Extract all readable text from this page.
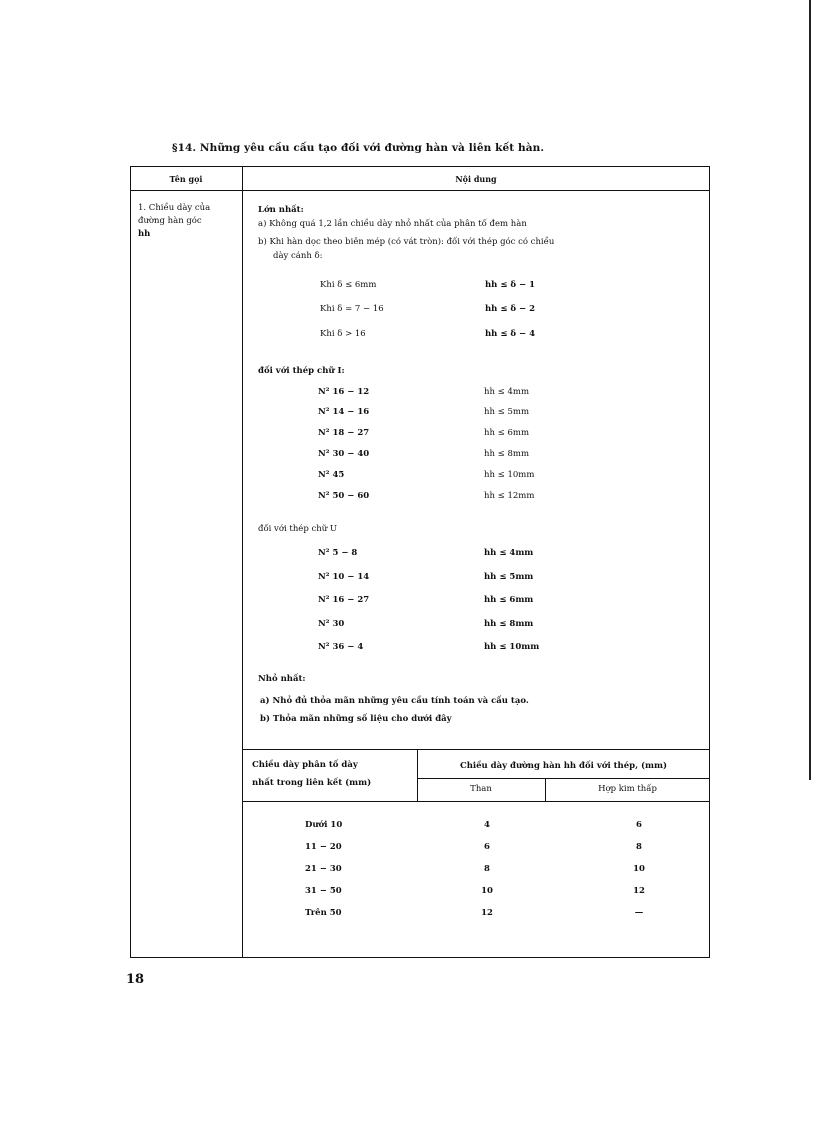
§14. Những yêu cầu cấu tạo đối với đường hàn và liên kết hàn.
Tên gọi	Nội dung
1. Chiều dày của
đường hàn góc
hh
Lớn nhất:
a) Không quá 1,2 lần chiều dày nhỏ nhất của phân tố đem hàn
b) Khi hàn dọc theo biên mép (có vát tròn): đối với thép góc có chiều
dày cánh δ:
Khi δ ≤ 6mm	hh ≤ δ − 1
Khi δ = 7 − 16	hh ≤ δ − 2
Khi δ > 16	hh ≤ δ − 4
đối với thép chữ I:
N² 16 − 12	hh ≤ 4mm
N² 14 − 16	hh ≤ 5mm
N² 18 − 27	hh ≤ 6mm
N² 30 − 40	hh ≤ 8mm
N² 45	hh ≤ 10mm
N² 50 − 60	hh ≤ 12mm
đối với thép chữ U
N² 5 − 8	hh ≤ 4mm
N² 10 − 14	hh ≤ 5mm
N² 16 − 27	hh ≤ 6mm
N² 30	hh ≤ 8mm
N² 36 − 4	hh ≤ 10mm
Nhỏ nhất:
a) Nhỏ đủ thỏa mãn những yêu cầu tính toán và cấu tạo.
b) Thỏa mãn những số liệu cho dưới đây
Chiều dày phân tố dày
nhất trong liên kết (mm)
Chiều dày đường hàn hh đối với thép, (mm)
Than	Hợp kim thấp
Dưới 10	4	6
11 − 20	6	8
21 − 30	8	10
31 − 50	10	12
Trên 50	12	—
18
